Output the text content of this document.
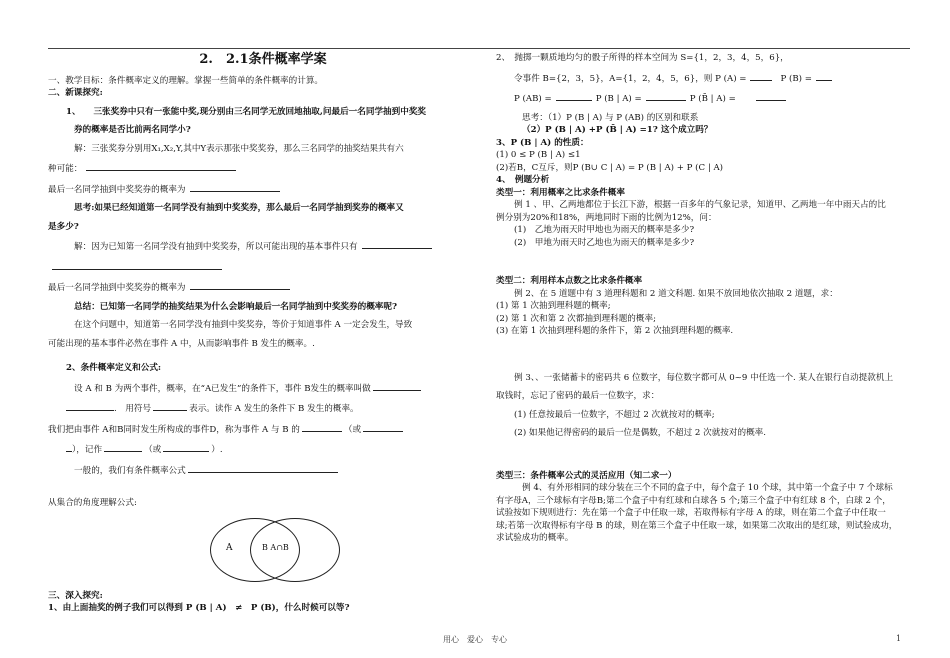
2.　2.1条件概率学案

一、教学目标：条件概率定义的理解。掌握一些简单的条件概率的计算。

二、新课探究:

1、　　三张奖券中只有一张能中奖,现分别由三名同学无放回地抽取,问最后一名同学抽到中奖奖

券的概率是否比前两名同学小?

解：三张奖券分别用X₁,X₂,Y,其中Y表示那张中奖奖券，那么三名同学的抽奖结果共有六

种可能：

最后一名同学抽到中奖奖券的概率为

思考:如果已经知道第一名同学没有抽到中奖奖券，那么最后一名同学抽到奖券的概率又

是多少?

解：因为已知第一名同学没有抽到中奖奖券，所以可能出现的基本事件只有

最后一名同学抽到中奖奖券的概率为

总结：已知第一名同学的抽奖结果为什么会影响最后一名同学抽到中奖奖券的概率呢?

在这个问题中，知道第一名同学没有抽到中奖奖券，等价于知道事件 A 一定会发生，导致

可能出现的基本事件必然在事件 A 中，从而影响事件 B 发生的概率。.

2、条件概率定义和公式:

设 A 和 B 为两个事件，概率，在“A已发生”的条件下，事件 B发生的概率叫做

.　用符号	表示。读作 A 发生的条件下 B 发生的概率。

我们把由事件 A和B同时发生所构成的事件D，称为事件 A 与 B 的	（或

），记作	（或	）.

一般的，我们有条件概率公式

从集合的角度理解公式:

A	B A∩B

三、深入探究:

1、由上面抽奖的例子我们可以得到 P (B | A)　≠　P (B)，什么时候可以等?

2、　抛掷一颗质地均匀的骰子所得的样本空间为 S={1，2，3，4，5，6}，

令事件 B={2，3，5}，A={1，2，4，5，6}，则 P (A) =	P (B) =

P (AB) =	P (B | A) =	P (B̄ | A) =

思考：（1）P (B | A) 与 P (AB) 的区别和联系

（2）P (B | A) +P (B̄ | A) =1? 这个成立吗？

3、P (B | A) 的性质：

(1) 0 ≤ P (B | A) ≤1

(2)若B，C互斥，则P (B∪ C | A) = P (B | A) + P (C | A)

4、　例题分析

类型一：利用概率之比求条件概率

例 1 、甲、乙两地都位于长江下游，根据一百多年的气象记录，知道甲、乙两地一年中雨天占的比

例分别为20%和18%，两地同时下雨的比例为12%，问：

(1)　乙地为雨天时甲地也为雨天的概率是多少?

(2)　甲地为雨天时乙地也为雨天的概率是多少?

类型二：利用样本点数之比求条件概率

例 2、在 5 道题中有 3 道理科题和 2 道文科题. 如果不放回地依次抽取 2 道题，求：

(1) 第 1 次抽到理科题的概率;

(2) 第 1 次和第 2 次都抽到理科题的概率;

(3) 在第 1 次抽到理科题的条件下，第 2 次抽到理科题的概率.

例 3、、一张储蓄卡的密码共 6 位数字，每位数字都可从 0~9 中任选一个. 某人在银行自动提款机上

取钱时，忘记了密码的最后一位数字，求：

(1) 任意按最后一位数字，不超过 2 次就按对的概率;

(2) 如果他记得密码的最后一位是偶数，不超过 2 次就按对的概率.

类型三：条件概率公式的灵活应用（知二求一）

例 4、有外形相同的球分装在三个不同的盒子中，每个盒子 10 个球，其中第一个盒子中 7 个球标

有字母A，三个球标有字母B;第二个盒子中有红球和白球各 5 个;第三个盒子中有红球 8 个，白球 2 个，

试验按如下规则进行：先在第一个盒子中任取一球，若取得标有字母 A 的球，则在第二个盒子中任取一

球;若第一次取得标有字母 B 的球，则在第三个盒子中任取一球，如果第二次取出的是红球，则试验成功，

求试验成功的概率。

用心　爱心　专心	1
